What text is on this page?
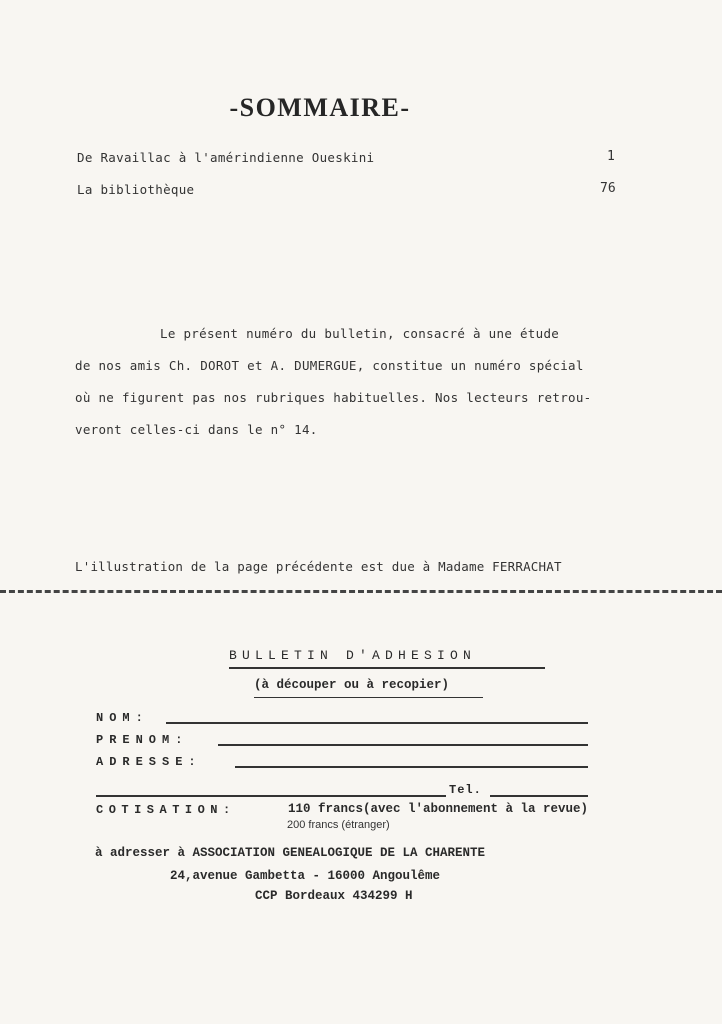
-SOMMAIRE-
De Ravaillac à l'amérindienne Oueskini	1
La bibliothèque	76
Le présent numéro du bulletin, consacré à une étude
de nos amis Ch. DOROT et A. DUMERGUE, constitue un numéro spécial
où ne figurent pas nos rubriques habituelles. Nos lecteurs retrou-
veront celles-ci dans le n° 14.
L'illustration de la page précédente est due à Madame FERRACHAT
BULLETIN D'ADHESION
(à découper ou à recopier)
NOM:
PRENOM:
ADRESSE:
Tel.
COTISATION:	110 francs(avec l'abonnement à la revue)
200 francs (étranger)
à adresser à ASSOCIATION GENEALOGIQUE DE LA CHARENTE
24,avenue Gambetta - 16000 Angoulême
CCP Bordeaux 434299 H
